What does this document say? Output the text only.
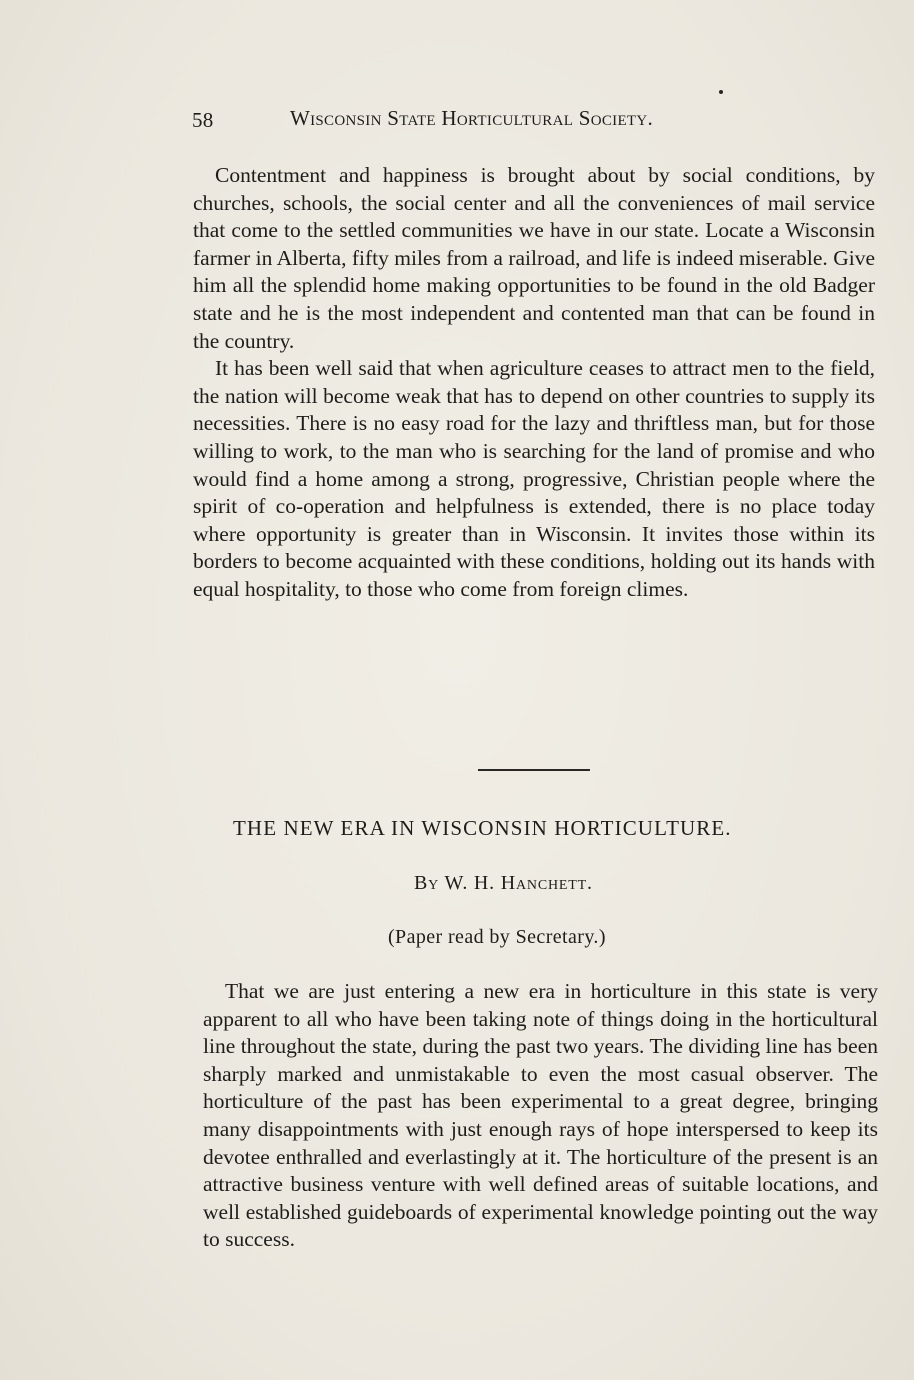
58	Wisconsin State Horticultural Society.

Contentment and happiness is brought about by social conditions, by churches, schools, the social center and all the conveniences of mail service that come to the settled communities we have in our state. Locate a Wisconsin farmer in Alberta, fifty miles from a railroad, and life is indeed miserable. Give him all the splendid home making opportunities to be found in the old Badger state and he is the most independent and contented man that can be found in the country.

It has been well said that when agriculture ceases to attract men to the field, the nation will become weak that has to depend on other countries to supply its necessities. There is no easy road for the lazy and thriftless man, but for those willing to work, to the man who is searching for the land of promise and who would find a home among a strong, progressive, Christian people where the spirit of co-operation and helpfulness is extended, there is no place today where opportunity is greater than in Wisconsin. It invites those within its borders to become acquainted with these conditions, holding out its hands with equal hospitality, to those who come from foreign climes.

THE NEW ERA IN WISCONSIN HORTICULTURE.
By W. H. Hanchett.
(Paper read by Secretary.)

That we are just entering a new era in horticulture in this state is very apparent to all who have been taking note of things doing in the horticultural line throughout the state, during the past two years. The dividing line has been sharply marked and unmistakable to even the most casual observer. The horticulture of the past has been experimental to a great degree, bringing many disappointments with just enough rays of hope interspersed to keep its devotee enthralled and everlastingly at it. The horticulture of the present is an attractive business venture with well defined areas of suitable locations, and well established guideboards of experimental knowledge pointing out the way to success.
